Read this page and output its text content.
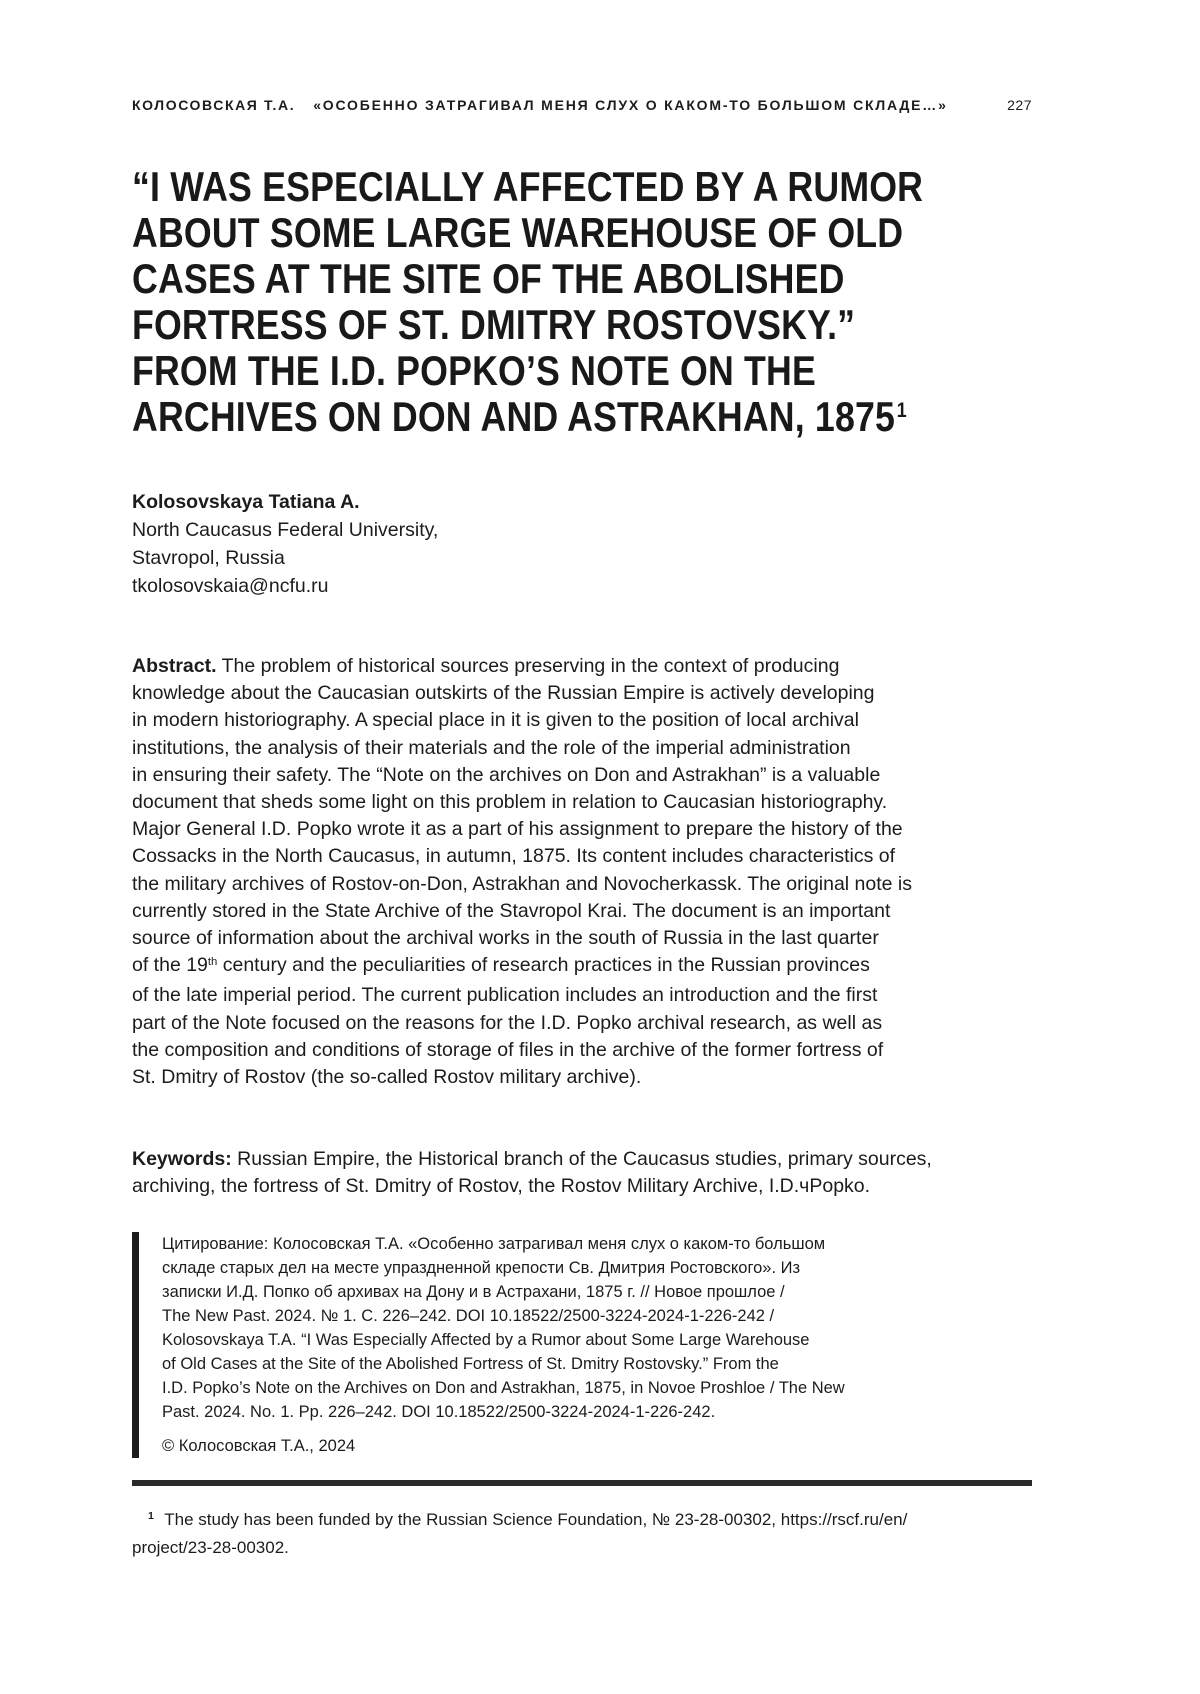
КОЛОСОВСКАЯ Т.А. «ОСОБЕННО ЗАТРАГИВАЛ МЕНЯ СЛУХ О КАКОМ-ТО БОЛЬШОМ СКЛАДЕ…»	227
“I WAS ESPECIALLY AFFECTED BY A RUMOR
ABOUT SOME LARGE WAREHOUSE OF OLD
CASES AT THE SITE OF THE ABOLISHED
FORTRESS OF ST. DMITRY ROSTOVSKY.”
FROM THE I.D. POPKO’S NOTE ON THE
ARCHIVES ON DON AND ASTRAKHAN, 1875$^1$
Kolosovskaya Tatiana A.
North Caucasus Federal University,
Stavropol, Russia
tkolosovskaia@ncfu.ru

Abstract. The problem of historical sources preserving in the context of producing
knowledge about the Caucasian outskirts of the Russian Empire is actively developing
in modern historiography. A special place in it is given to the position of local archival
institutions, the analysis of their materials and the role of the imperial administration
in ensuring their safety. The “Note on the archives on Don and Astrakhan” is a valuable
document that sheds some light on this problem in relation to Caucasian historiography.
Major General I.D. Popko wrote it as a part of his assignment to prepare the history of the
Cossacks in the North Caucasus, in autumn, 1875. Its content includes characteristics of
the military archives of Rostov-on-Don, Astrakhan and Novocherkassk. The original note is
currently stored in the State Archive of the Stavropol Krai. The document is an important
source of information about the archival works in the south of Russia in the last quarter
of the 19th century and the peculiarities of research practices in the Russian provinces
of the late imperial period. The current publication includes an introduction and the first
part of the Note focused on the reasons for the I.D. Popko archival research, as well as
the composition and conditions of storage of files in the archive of the former fortress of
St. Dmitry of Rostov (the so-called Rostov military archive).

Keywords: Russian Empire, the Historical branch of the Caucasus studies, primary sources,
archiving, the fortress of St. Dmitry of Rostov, the Rostov Military Archive, I.D.чPopko.

Цитирование: Колосовская Т.А. «Особенно затрагивал меня слух о каком-то большом
складе старых дел на месте упраздненной крепости Св. Дмитрия Ростовского». Из
записки И.Д. Попко об архивах на Дону и в Астрахани, 1875 г. // Новое прошлое /
The New Past. 2024. № 1. С. 226–242. DOI 10.18522/2500-3224-2024-1-226-242 /
Kolosovskaya T.A. “I Was Especially Affected by a Rumor about Some Large Warehouse
of Old Cases at the Site of the Abolished Fortress of St. Dmitry Rostovsky.” From the
I.D. Popko’s Note on the Archives on Don and Astrakhan, 1875, in Novoe Proshloe / The New
Past. 2024. No. 1. Pp. 226–242. DOI 10.18522/2500-3224-2024-1-226-242.
© Колосовская Т.А., 2024

$^1$ The study has been funded by the Russian Science Foundation, № 23-28-00302, https://rscf.ru/en/
project/23-28-00302.
